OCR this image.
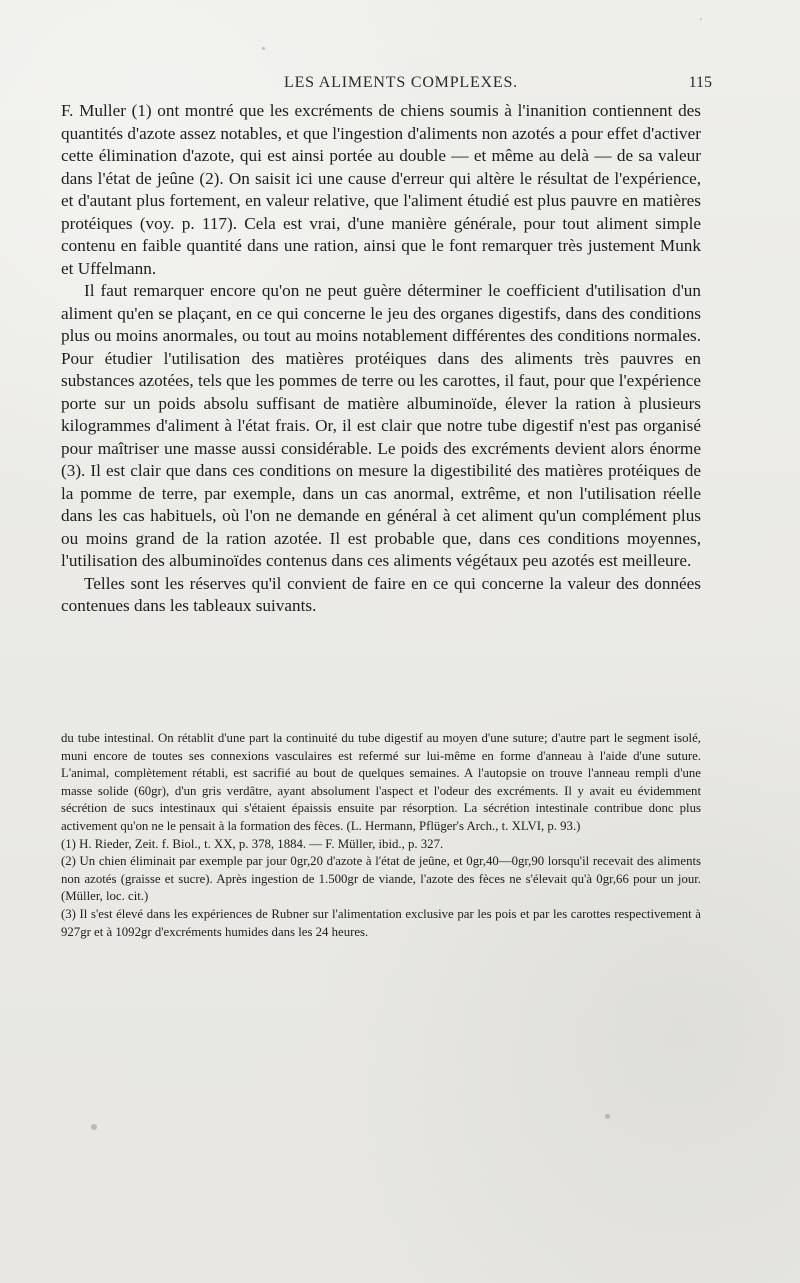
LES ALIMENTS COMPLEXES.	115

F. Muller (1) ont montré que les excréments de chiens soumis à l'inanition contiennent des quantités d'azote assez notables, et que l'ingestion d'aliments non azotés a pour effet d'activer cette élimination d'azote, qui est ainsi portée au double — et même au delà — de sa valeur dans l'état de jeûne (2). On saisit ici une cause d'erreur qui altère le résultat de l'expérience, et d'autant plus fortement, en valeur relative, que l'aliment étudié est plus pauvre en matières protéiques (voy. p. 117). Cela est vrai, d'une manière générale, pour tout aliment simple contenu en faible quantité dans une ration, ainsi que le font remarquer très justement Munk et Uffelmann.

Il faut remarquer encore qu'on ne peut guère déterminer le coefficient d'utilisation d'un aliment qu'en se plaçant, en ce qui concerne le jeu des organes digestifs, dans des conditions plus ou moins anormales, ou tout au moins notablement différentes des conditions normales. Pour étudier l'utilisation des matières protéiques dans des aliments très pauvres en substances azotées, tels que les pommes de terre ou les carottes, il faut, pour que l'expérience porte sur un poids absolu suffisant de matière albuminoïde, élever la ration à plusieurs kilogrammes d'aliment à l'état frais. Or, il est clair que notre tube digestif n'est pas organisé pour maîtriser une masse aussi considérable. Le poids des excréments devient alors énorme (3). Il est clair que dans ces conditions on mesure la digestibilité des matières protéiques de la pomme de terre, par exemple, dans un cas anormal, extrême, et non l'utilisation réelle dans les cas habituels, où l'on ne demande en général à cet aliment qu'un complément plus ou moins grand de la ration azotée. Il est probable que, dans ces conditions moyennes, l'utilisation des albuminoïdes contenus dans ces aliments végétaux peu azotés est meilleure.

Telles sont les réserves qu'il convient de faire en ce qui concerne la valeur des données contenues dans les tableaux suivants.

du tube intestinal. On rétablit d'une part la continuité du tube digestif au moyen d'une suture; d'autre part le segment isolé, muni encore de toutes ses connexions vasculaires est refermé sur lui-même en forme d'anneau à l'aide d'une suture. L'animal, complètement rétabli, est sacrifié au bout de quelques semaines. A l'autopsie on trouve l'anneau rempli d'une masse solide (60gr), d'un gris verdâtre, ayant absolument l'aspect et l'odeur des excréments. Il y avait eu évidemment sécrétion de sucs intestinaux qui s'étaient épaissis ensuite par résorption. La sécrétion intestinale contribue donc plus activement qu'on ne le pensait à la formation des fèces. (L. Hermann, Pflüger's Arch., t. XLVI, p. 93.)

(1) H. Rieder, Zeit. f. Biol., t. XX, p. 378, 1884. — F. Müller, ibid., p. 327.

(2) Un chien éliminait par exemple par jour 0gr,20 d'azote à l'état de jeûne, et 0gr,40—0gr,90 lorsqu'il recevait des aliments non azotés (graisse et sucre). Après ingestion de 1.500gr de viande, l'azote des fèces ne s'élevait qu'à 0gr,66 pour un jour. (Müller, loc. cit.)

(3) Il s'est élevé dans les expériences de Rubner sur l'alimentation exclusive par les pois et par les carottes respectivement à 927gr et à 1092gr d'excréments humides dans les 24 heures.
